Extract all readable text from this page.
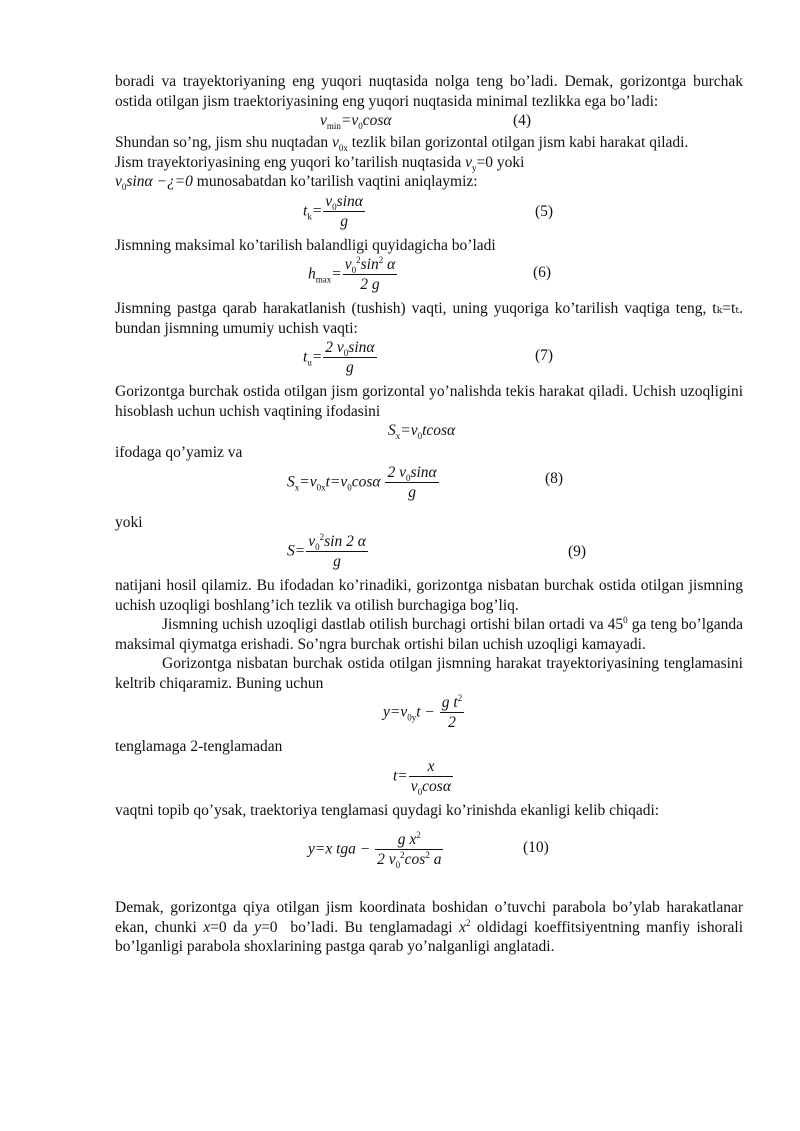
boradi va trayektoriyaning eng yuqori nuqtasida nolga teng bo’ladi. Demak, gorizontga burchak ostida otilgan jism traektoriyasining eng yuqori nuqtasida minimal tezlikka ega bo’ladi:

$v_{min}=v_0\cos\alpha$	(4)

Shundan so’ng, jism shu nuqtadan $v_{0x}$ tezlik bilan gorizontal otilgan jism kabi harakat qiladi.

Jism trayektoriyasining eng yuqori ko’tarilish nuqtasida $v_y=0$ yoki

$v_0\sin\alpha$ −¿=0 munosabatdan ko’tarilish vaqtini aniqlaymiz:

$t_k= \frac{v_0\sin\alpha}{g}$	(5)

Jismning maksimal ko’tarilish balandligi quyidagicha bo’ladi

$h_{max}= \frac{v_0^2\sin^2 \alpha}{2 g}$	(6)

Jismning pastga qarab harakatlanish (tushish) vaqti, uning yuqoriga ko’tarilish vaqtiga teng, tₖ=tₜ. bundan jismning umumiy uchish vaqti:

$t_u= \frac{2 v_0\sin\alpha}{g}$	(7)

Gorizontga burchak ostida otilgan jism gorizontal yo’nalishda tekis harakat qiladi. Uchish uzoqligini hisoblash uchun uchish vaqtining ifodasini

$S_x=v_0tcos\alpha$

ifodaga qo’yamiz va

$S_x=v_{0x}t=v_0\cos\alpha \frac{2 v_0\sin\alpha}{g}$	(8)

yoki

$S= \frac{v_0^2\sin 2 \alpha}{g}$	(9)

natijani hosil qilamiz. Bu ifodadan ko’rinadiki, gorizontga nisbatan burchak ostida otilgan jismning uchish uzoqligi boshlang’ich tezlik va otilish burchagiga bog’liq.

Jismning uchish uzoqligi dastlab otilish burchagi ortishi bilan ortadi va $45^0$ ga teng bo’lganda maksimal qiymatga erishadi. So’ngra burchak ortishi bilan uchish uzoqligi kamayadi.

Gorizontga nisbatan burchak ostida otilgan jismning harakat trayektoriyasining tenglamasini keltrib chiqaramiz. Buning uchun

$y=v_{0y}t - \frac{g t^2}{2}$

tenglamaga 2-tenglamadan

$t= \frac{x}{v_0\cos\alpha}$

vaqtni topib qo’ysak, traektoriya tenglamasi quydagi ko’rinishda ekanligi kelib chiqadi:

y=x tga − $\frac{g x^2}{2 v_0^2\cos^2 a}$	(10)

Demak, gorizontga qiya otilgan jism koordinata boshidan o’tuvchi parabola bo’ylab harakatlanar ekan, chunki x=0 da y=0  bo’ladi. Bu tenglamadagi $x^2$ oldidagi koeffitsiyentning manfiy ishorali bo’lganligi parabola shoxlarining pastga qarab yo’nalganligi anglatadi.
